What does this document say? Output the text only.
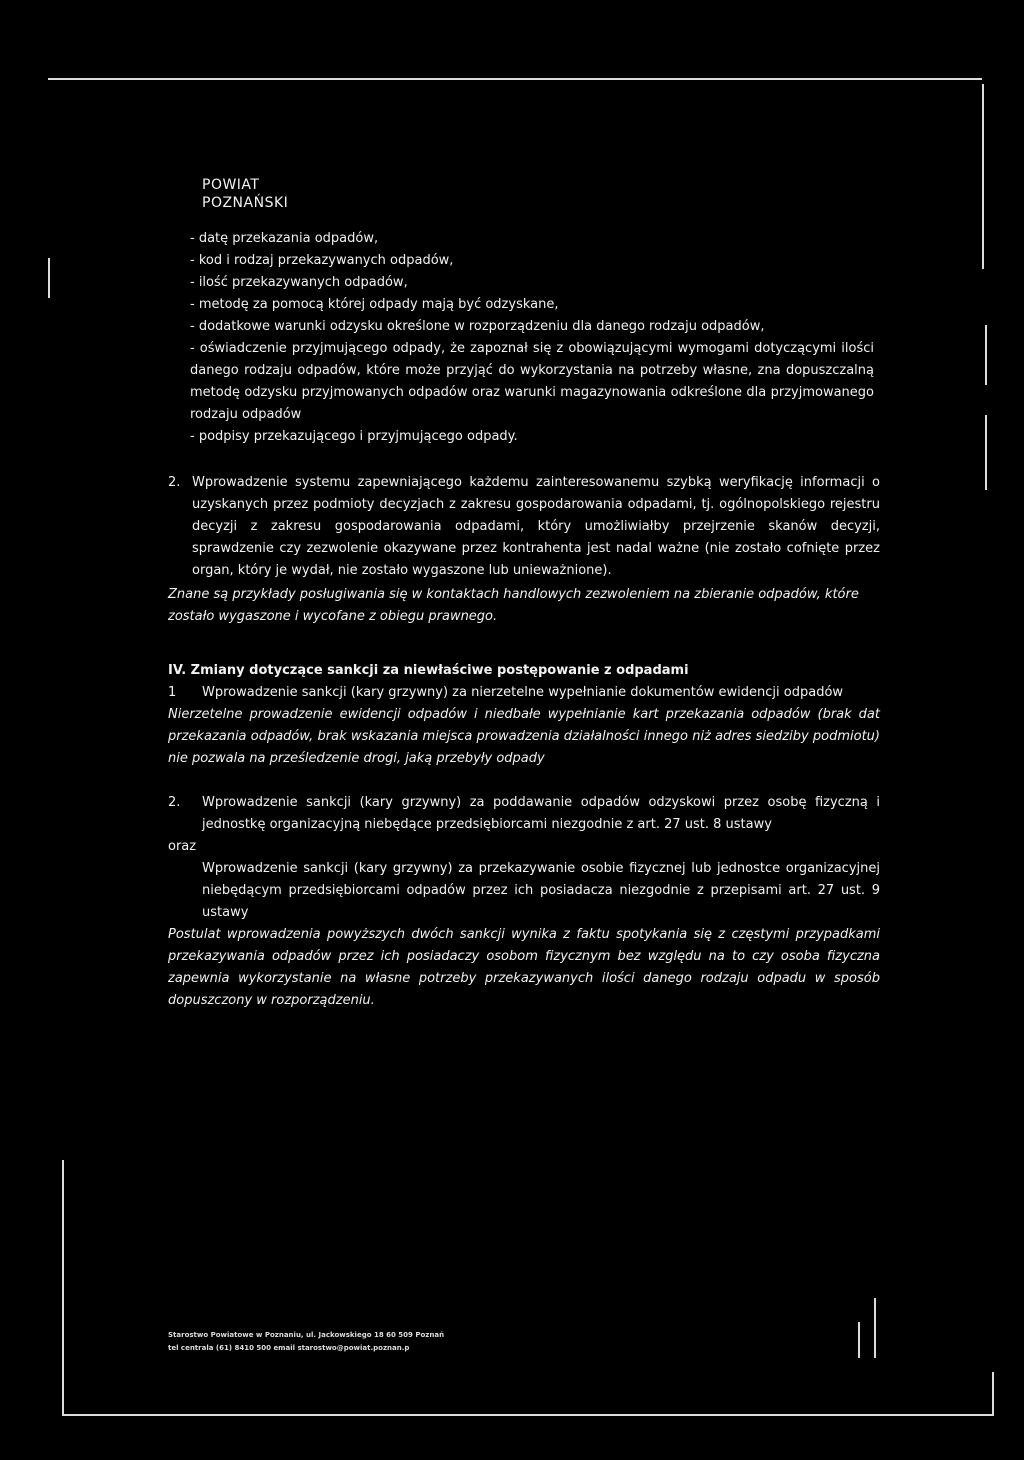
POWIAT
POZNAŃSKI

- datę przekazania odpadów,

- kod i rodzaj przekazywanych odpadów,

- ilość przekazywanych odpadów,

- metodę za pomocą której odpady mają być odzyskane,

- dodatkowe warunki odzysku określone w rozporządzeniu dla danego rodzaju odpadów,

- oświadczenie przyjmującego odpady, że zapoznał się z obowiązującymi wymogami dotyczącymi ilości danego rodzaju odpadów, które może przyjąć do wykorzystania na potrzeby własne, zna dopuszczalną metodę odzysku przyjmowanych odpadów oraz warunki magazynowania odkreślone dla przyjmowanego rodzaju odpadów

- podpisy przekazującego i przyjmującego odpady.

2. Wprowadzenie systemu zapewniającego każdemu zainteresowanemu szybką weryfikację informacji o uzyskanych przez podmioty decyzjach z zakresu gospodarowania odpadami, tj. ogólnopolskiego rejestru decyzji z zakresu gospodarowania odpadami, który umożliwiałby przejrzenie skanów decyzji, sprawdzenie czy zezwolenie okazywane przez kontrahenta jest nadal ważne (nie zostało cofnięte przez organ, który je wydał, nie zostało wygaszone lub unieważnione).

Znane są przykłady posługiwania się w kontaktach handlowych zezwoleniem na zbieranie odpadów, które zostało wygaszone i wycofane z obiegu prawnego.

IV. Zmiany dotyczące sankcji za niewłaściwe postępowanie z odpadami

1 Wprowadzenie sankcji (kary grzywny) za nierzetelne wypełnianie dokumentów ewidencji odpadów

Nierzetelne prowadzenie ewidencji odpadów i niedbałe wypełnianie kart przekazania odpadów (brak dat przekazania odpadów, brak wskazania miejsca prowadzenia działalności innego niż adres siedziby podmiotu) nie pozwala na prześledzenie drogi, jaką przebyły odpady

2. Wprowadzenie sankcji (kary grzywny) za poddawanie odpadów odzyskowi przez osobę fizyczną i jednostkę organizacyjną niebędące przedsiębiorcami niezgodnie z art. 27 ust. 8 ustawy

oraz

Wprowadzenie sankcji (kary grzywny) za przekazywanie osobie fizycznej lub jednostce organizacyjnej niebędącym przedsiębiorcami odpadów przez ich posiadacza niezgodnie z przepisami art. 27 ust. 9 ustawy

Postulat wprowadzenia powyższych dwóch sankcji wynika z faktu spotykania się z częstymi przypadkami przekazywania odpadów przez ich posiadaczy osobom fizycznym bez względu na to czy osoba fizyczna zapewnia wykorzystanie na własne potrzeby przekazywanych ilości danego rodzaju odpadu w sposób dopuszczony w rozporządzeniu.

Starostwo Powiatowe w Poznaniu, ul. Jackowskiego 18 60 509 Poznań
tel centrala (61) 8410 500 email starostwo@powiat.poznan.p
